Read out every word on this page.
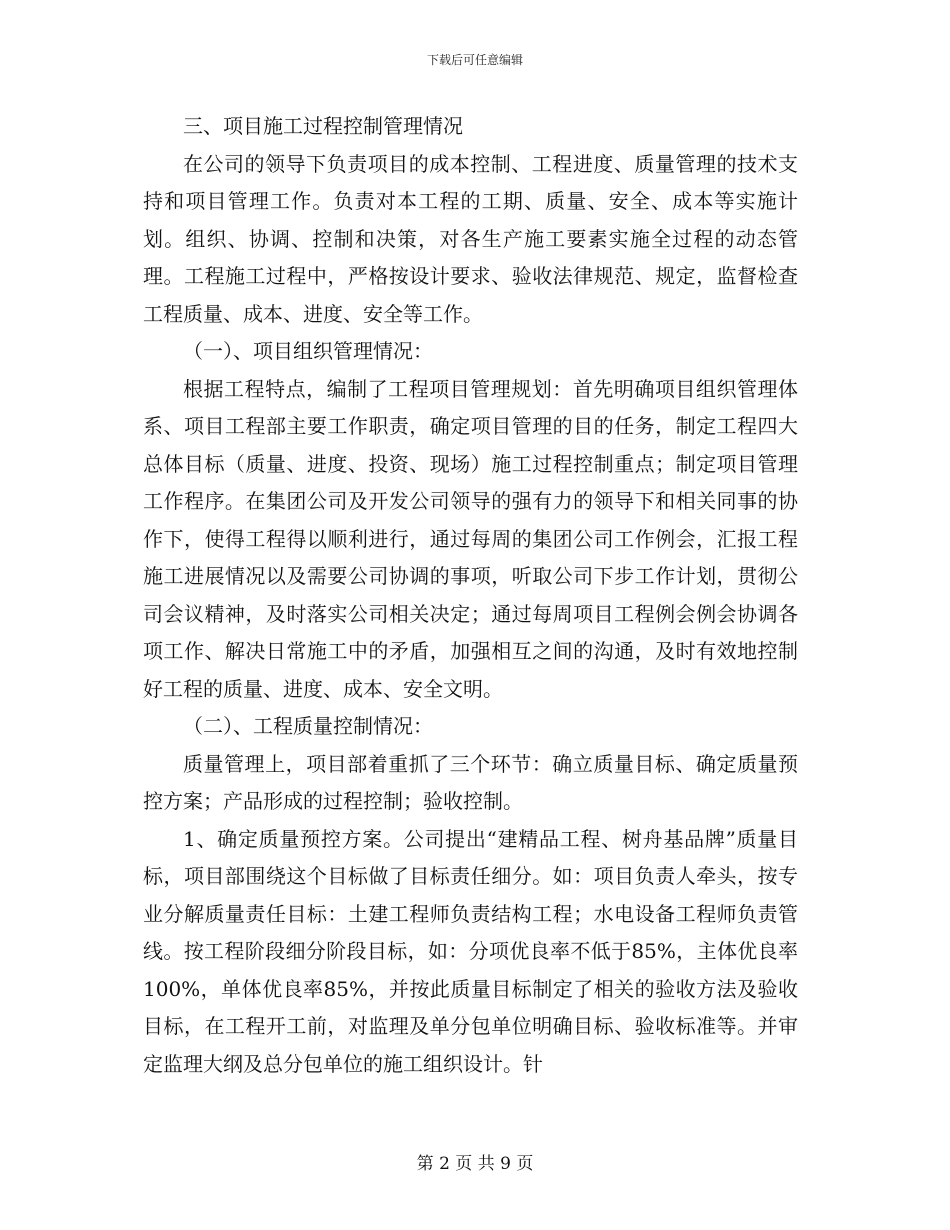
下载后可任意编辑

三、项目施工过程控制管理情况

在公司的领导下负责项目的成本控制、工程进度、质量管理的技术支持和项目管理工作。负责对本工程的工期、质量、安全、成本等实施计划。组织、协调、控制和决策，对各生产施工要素实施全过程的动态管理。工程施工过程中，严格按设计要求、验收法律规范、规定，监督检查工程质量、成本、进度、安全等工作。

（一）、项目组织管理情况：

根据工程特点，编制了工程项目管理规划：首先明确项目组织管理体系、项目工程部主要工作职责，确定项目管理的目的任务，制定工程四大总体目标（质量、进度、投资、现场）施工过程控制重点；制定项目管理工作程序。在集团公司及开发公司领导的强有力的领导下和相关同事的协作下，使得工程得以顺利进行，通过每周的集团公司工作例会，汇报工程施工进展情况以及需要公司协调的事项，听取公司下步工作计划，贯彻公司会议精神，及时落实公司相关决定；通过每周项目工程例会例会协调各项工作、解决日常施工中的矛盾，加强相互之间的沟通，及时有效地控制好工程的质量、进度、成本、安全文明。

（二）、工程质量控制情况：

质量管理上，项目部着重抓了三个环节：确立质量目标、确定质量预控方案；产品形成的过程控制；验收控制。

1、确定质量预控方案。公司提出“建精品工程、树舟基品牌”质量目标，项目部围绕这个目标做了目标责任细分。如：项目负责人牵头，按专业分解质量责任目标：土建工程师负责结构工程；水电设备工程师负责管线。按工程阶段细分阶段目标，如：分项优良率不低于85%，主体优良率100%，单体优良率85%，并按此质量目标制定了相关的验收方法及验收目标，在工程开工前，对监理及单分包单位明确目标、验收标准等。并审定监理大纲及总分包单位的施工组织设计。针

第 2 页 共 9 页
